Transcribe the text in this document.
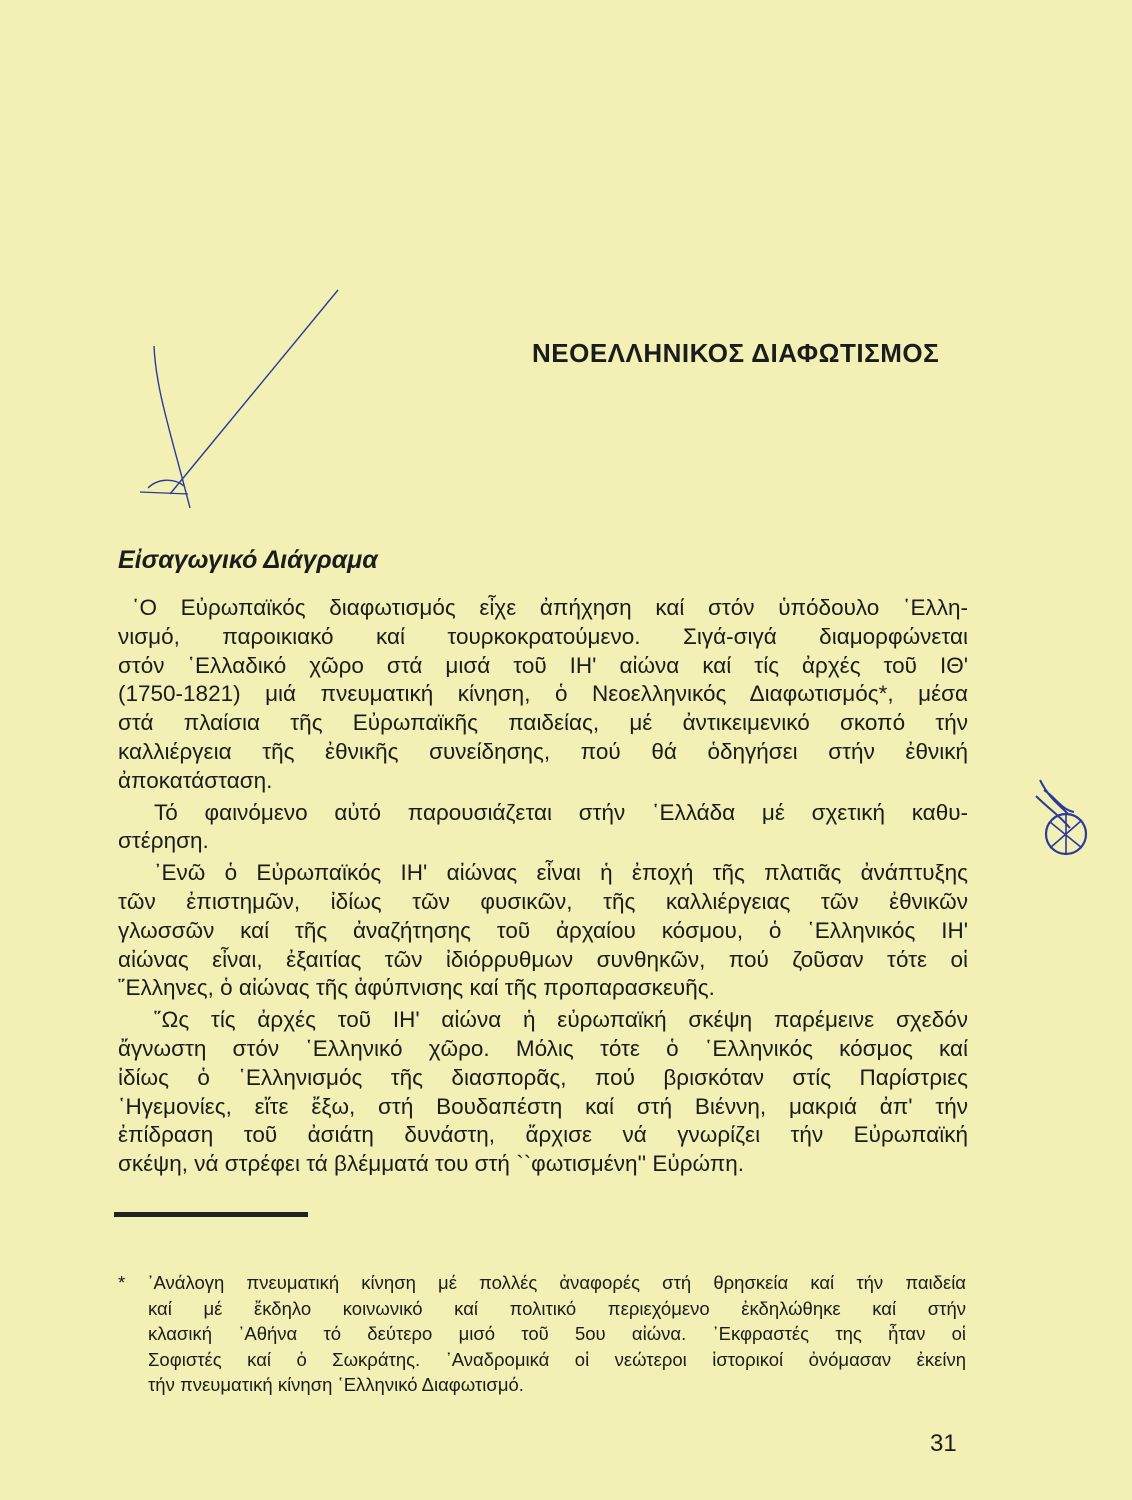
ΝΕΟΕΛΛΗΝΙΚΟΣ ΔΙΑΦΩΤΙΣΜΟΣ
Εἰσαγωγικό Διάγραμα
῾Ο Εὐρωπαϊκός διαφωτισμός εἶχε ἀπήχηση καί στόν ὑπόδουλο ῾Ελλη-
νισμό, παροικιακό καί τουρκοκρατούμενο. Σιγά-σιγά διαμορφώνεται
στόν ῾Ελλαδικό χῶρο στά μισά τοῦ ΙΗ' αἰώνα καί τίς ἀρχές τοῦ ΙΘ'
(1750-1821) μιά πνευματική κίνηση, ὁ Νεοελληνικός Διαφωτισμός*, μέσα
στά πλαίσια τῆς Εὐρωπαϊκῆς παιδείας, μέ ἀντικειμενικό σκοπό τήν
καλλιέργεια τῆς ἐθνικῆς συνείδησης, πού θά ὁδηγήσει στήν ἐθνική
ἀποκατάσταση.
Τό φαινόμενο αὐτό παρουσιάζεται στήν ῾Ελλάδα μέ σχετική καθυ-
στέρηση.
᾿Ενῶ ὁ Εὐρωπαϊκός ΙΗ' αἰώνας εἶναι ἡ ἐποχή τῆς πλατιᾶς ἀνάπτυξης
τῶν ἐπιστημῶν, ἰδίως τῶν φυσικῶν, τῆς καλλιέργειας τῶν ἐθνικῶν
γλωσσῶν καί τῆς ἀναζήτησης τοῦ ἀρχαίου κόσμου, ὁ ῾Ελληνικός ΙΗ'
αἰώνας εἶναι, ἐξαιτίας τῶν ἰδιόρρυθμων συνθηκῶν, πού ζοῦσαν τότε οἱ
῞Ελληνες, ὁ αἰώνας τῆς ἀφύπνισης καί τῆς προπαρασκευῆς.
῞Ως τίς ἀρχές τοῦ ΙΗ' αἰώνα ἡ εὐρωπαϊκή σκέψη παρέμεινε σχεδόν
ἄγνωστη στόν ῾Ελληνικό χῶρο. Μόλις τότε ὁ ῾Ελληνικός κόσμος καί
ἰδίως ὁ ῾Ελληνισμός τῆς διασπορᾶς, πού βρισκόταν στίς Παρίστριες
῾Ηγεμονίες, εἴτε ἔξω, στή Βουδαπέστη καί στή Βιέννη, μακριά ἀπ' τήν
ἐπίδραση τοῦ ἀσιάτη δυνάστη, ἄρχισε νά γνωρίζει τήν Εὐρωπαϊκή
σκέψη, νά στρέφει τά βλέμματά του στή ``φωτισμένη'' Εὐρώπη.
* ᾿Ανάλογη πνευματική κίνηση μέ πολλές ἀναφορές στή θρησκεία καί τήν παιδεία
καί μέ ἔκδηλο κοινωνικό καί πολιτικό περιεχόμενο ἐκδηλώθηκε καί στήν
κλασική ᾿Αθήνα τό δεύτερο μισό τοῦ 5ου αἰώνα. ᾿Εκφραστές της ἦταν οἱ
Σοφιστές καί ὁ Σωκράτης. ᾿Αναδρομικά οἱ νεώτεροι ἱστορικοί ὀνόμασαν ἐκείνη
τήν πνευματική κίνηση ῾Ελληνικό Διαφωτισμό.
31
